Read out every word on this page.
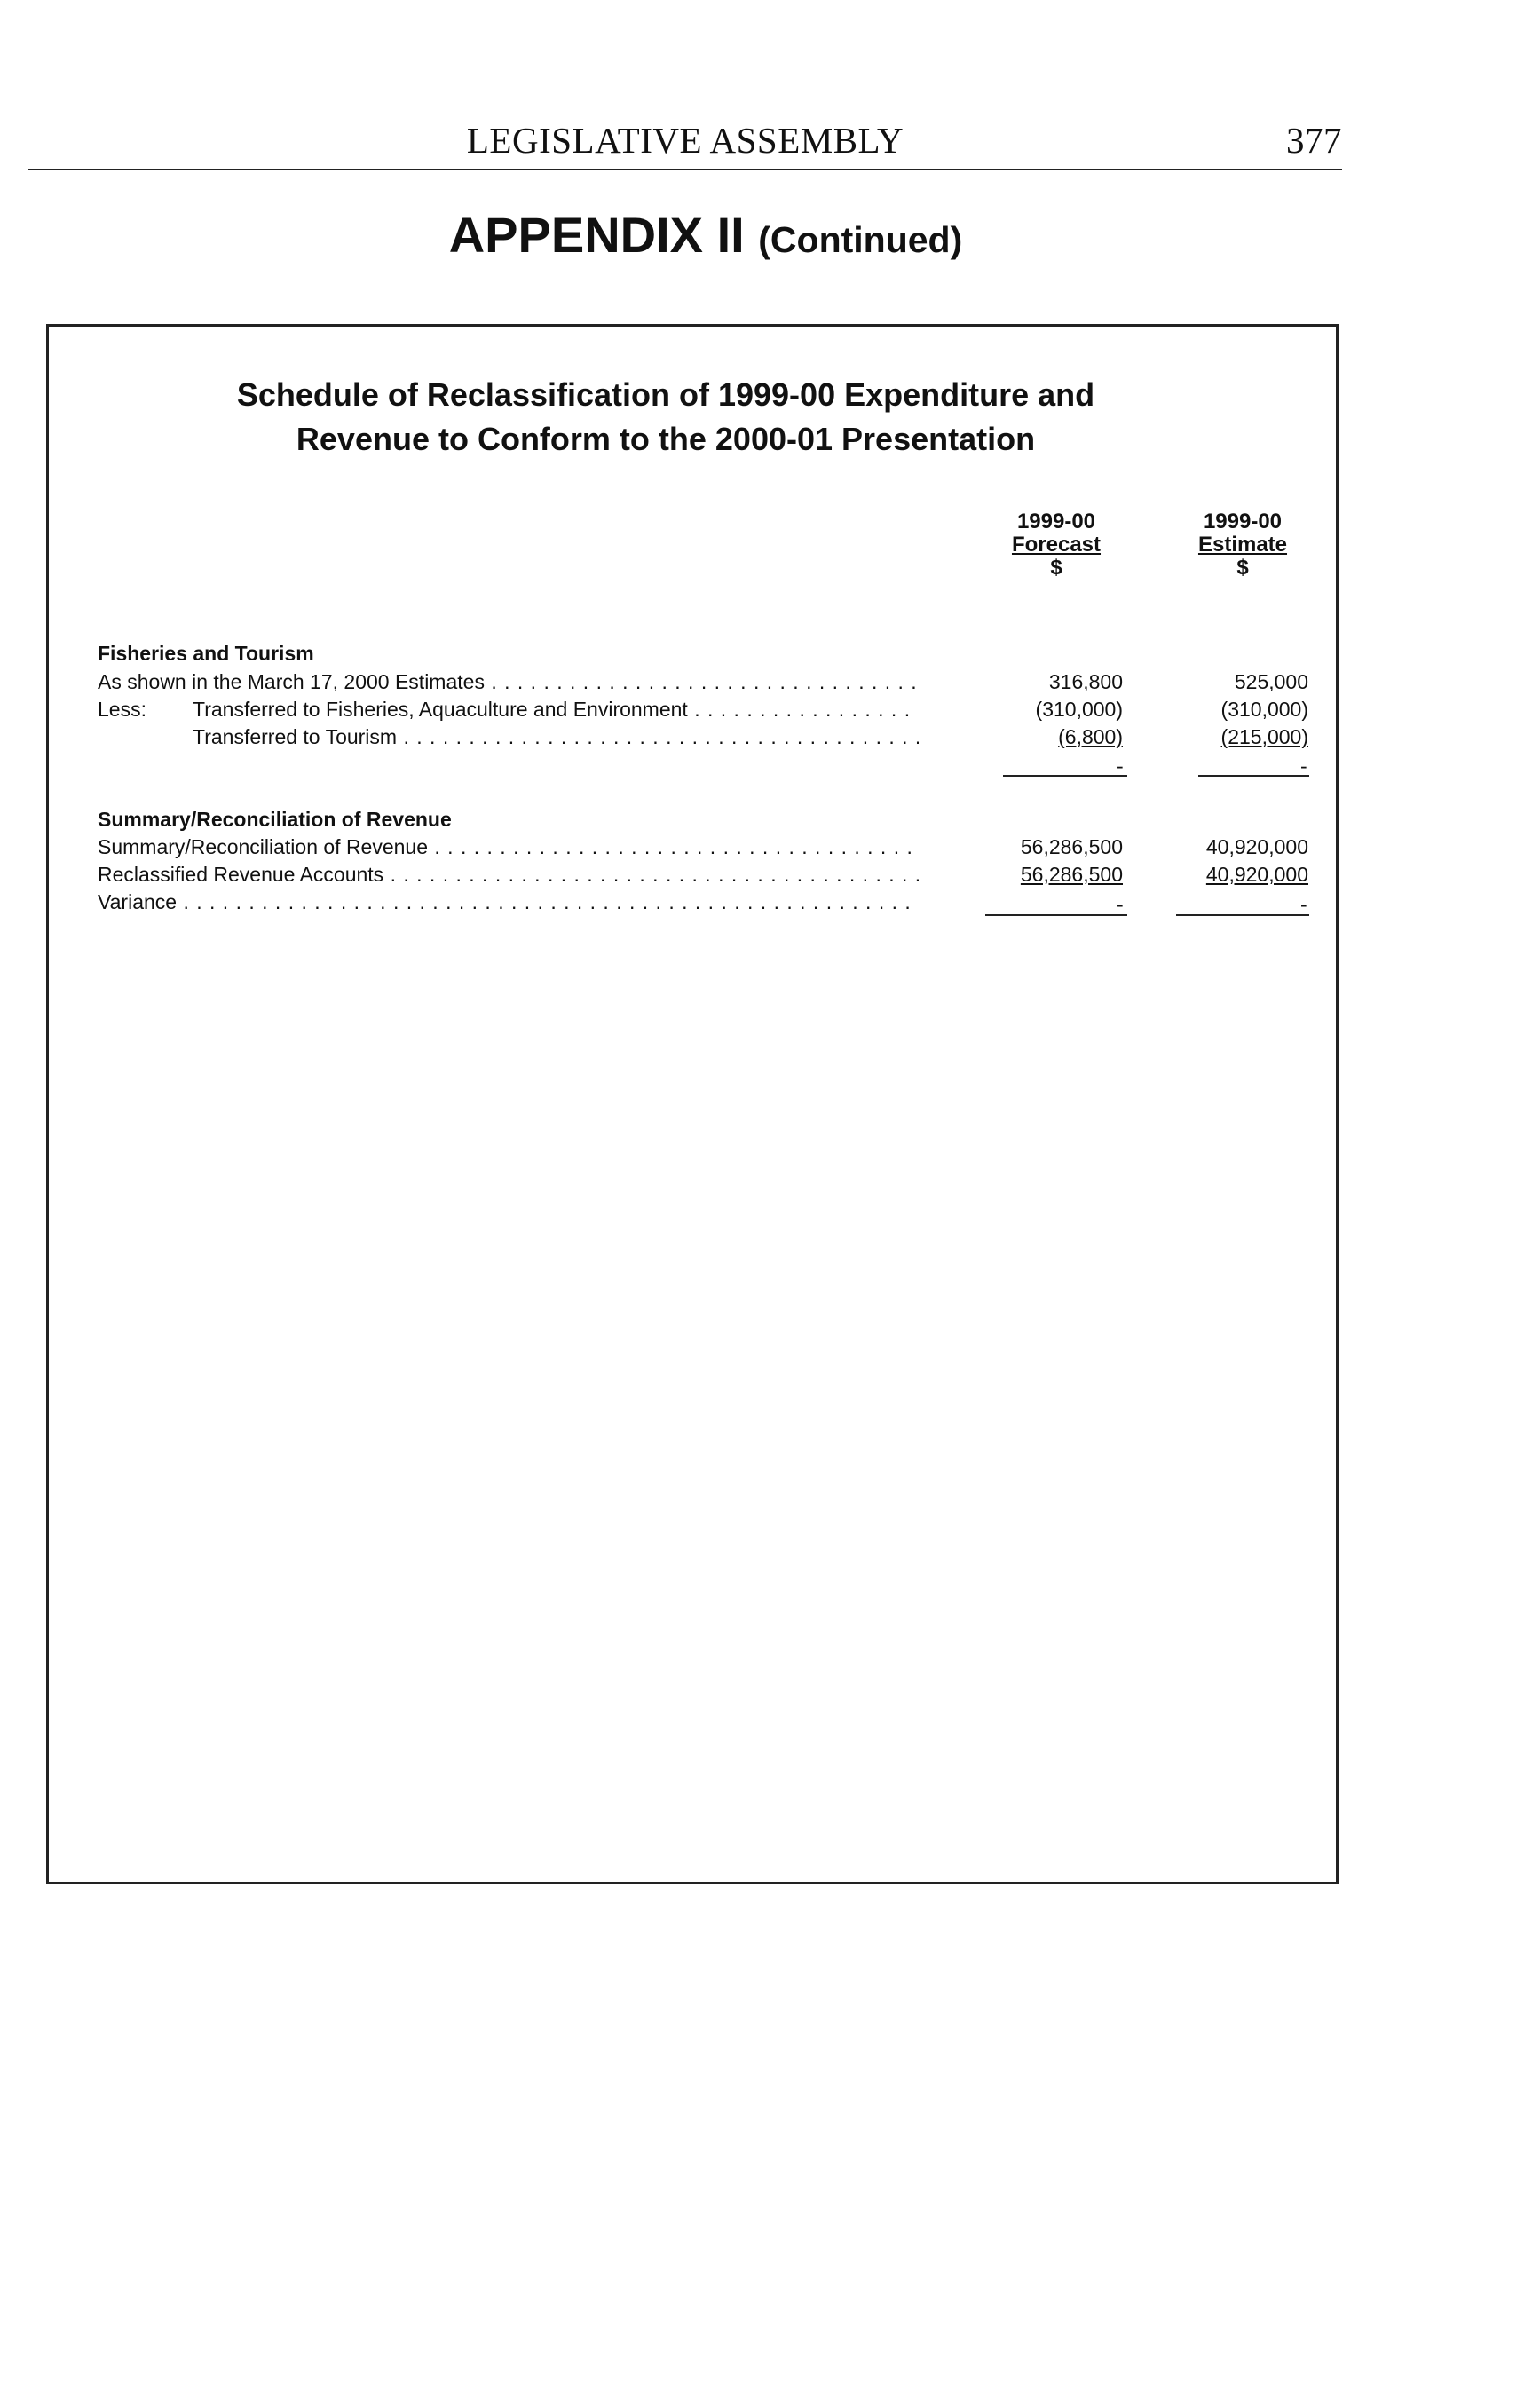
LEGISLATIVE ASSEMBLY	377
APPENDIX II (Continued)
Schedule of Reclassification of 1999-00 Expenditure and
Revenue to Conform to the 2000-01 Presentation
1999-00
Forecast
$
1999-00
Estimate
$
Fisheries and Tourism
As shown in the March 17, 2000 Estimates . . .	316,800	525,000
Less: Transferred to Fisheries, Aquaculture and Environment . . .	(310,000)	(310,000)
Transferred to Tourism . . .	(6,800)	(215,000)
-	-
Summary/Reconciliation of Revenue
Summary/Reconciliation of Revenue . . .	56,286,500	40,920,000
Reclassified Revenue Accounts . . .	56,286,500	40,920,000
Variance . . .	-	-
